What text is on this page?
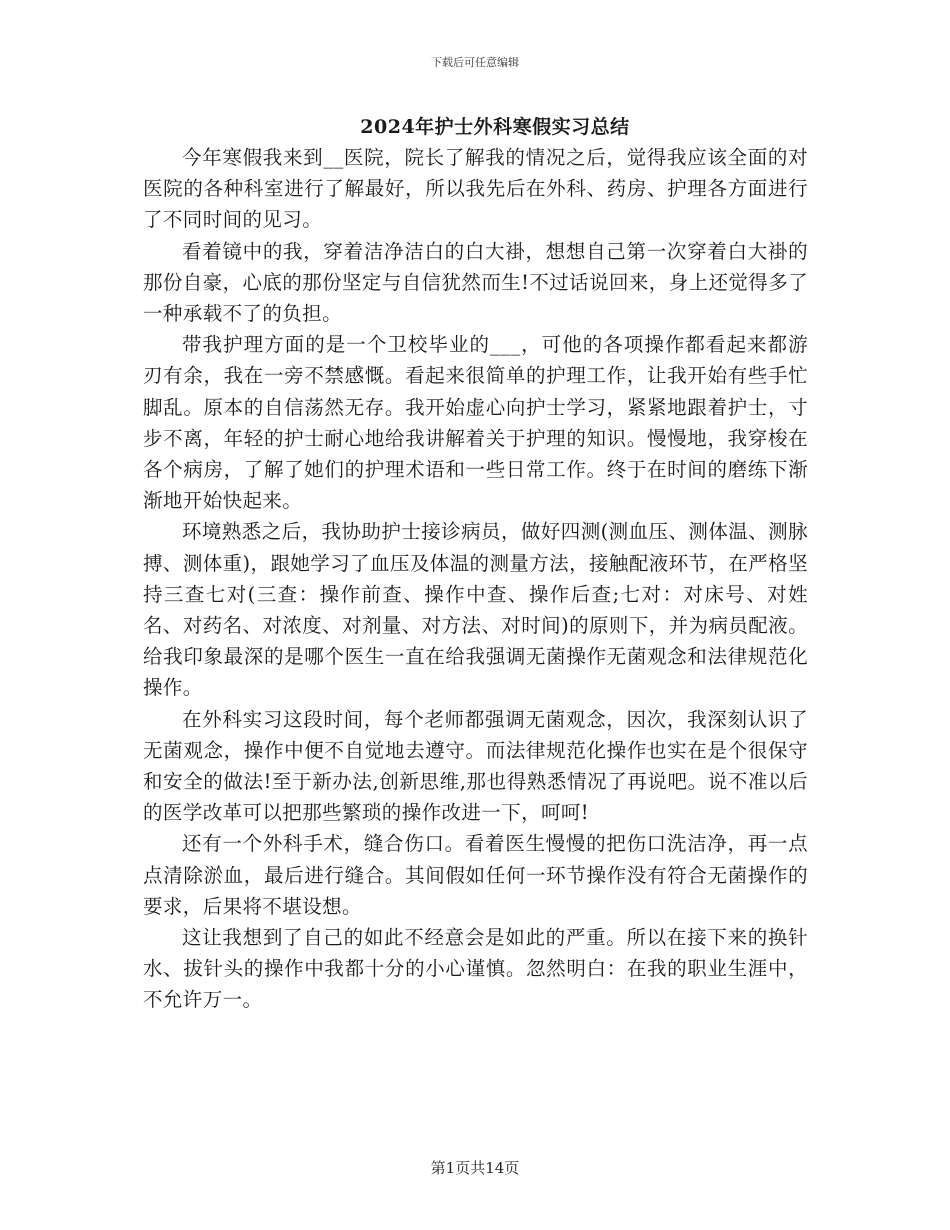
下载后可任意编辑
2024年护士外科寒假实习总结

今年寒假我来到__医院，院长了解我的情况之后，觉得我应该全面的对医院的各种科室进行了解最好，所以我先后在外科、药房、护理各方面进行了不同时间的见习。

看着镜中的我，穿着洁净洁白的白大褂，想想自己第一次穿着白大褂的那份自豪，心底的那份坚定与自信犹然而生!不过话说回来，身上还觉得多了一种承载不了的负担。

带我护理方面的是一个卫校毕业的___，可他的各项操作都看起来都游刃有余，我在一旁不禁感慨。看起来很简单的护理工作，让我开始有些手忙脚乱。原本的自信荡然无存。我开始虚心向护士学习，紧紧地跟着护士，寸步不离，年轻的护士耐心地给我讲解着关于护理的知识。慢慢地，我穿梭在各个病房，了解了她们的护理术语和一些日常工作。终于在时间的磨练下渐渐地开始快起来。

环境熟悉之后，我协助护士接诊病员，做好四测(测血压、测体温、测脉搏、测体重)，跟她学习了血压及体温的测量方法，接触配液环节，在严格坚持三查七对(三查：操作前查、操作中查、操作后查;七对：对床号、对姓名、对药名、对浓度、对剂量、对方法、对时间)的原则下，并为病员配液。给我印象最深的是哪个医生一直在给我强调无菌操作无菌观念和法律规范化操作。

在外科实习这段时间，每个老师都强调无菌观念，因次，我深刻认识了无菌观念，操作中便不自觉地去遵守。而法律规范化操作也实在是个很保守和安全的做法!至于新办法,创新思维,那也得熟悉情况了再说吧。说不准以后的医学改革可以把那些繁琐的操作改进一下，呵呵!

还有一个外科手术，缝合伤口。看着医生慢慢的把伤口洗洁净，再一点点清除淤血，最后进行缝合。其间假如任何一环节操作没有符合无菌操作的要求，后果将不堪设想。

这让我想到了自己的如此不经意会是如此的严重。所以在接下来的换针水、拔针头的操作中我都十分的小心谨慎。忽然明白：在我的职业生涯中，不允许万一。

第1页共14页
